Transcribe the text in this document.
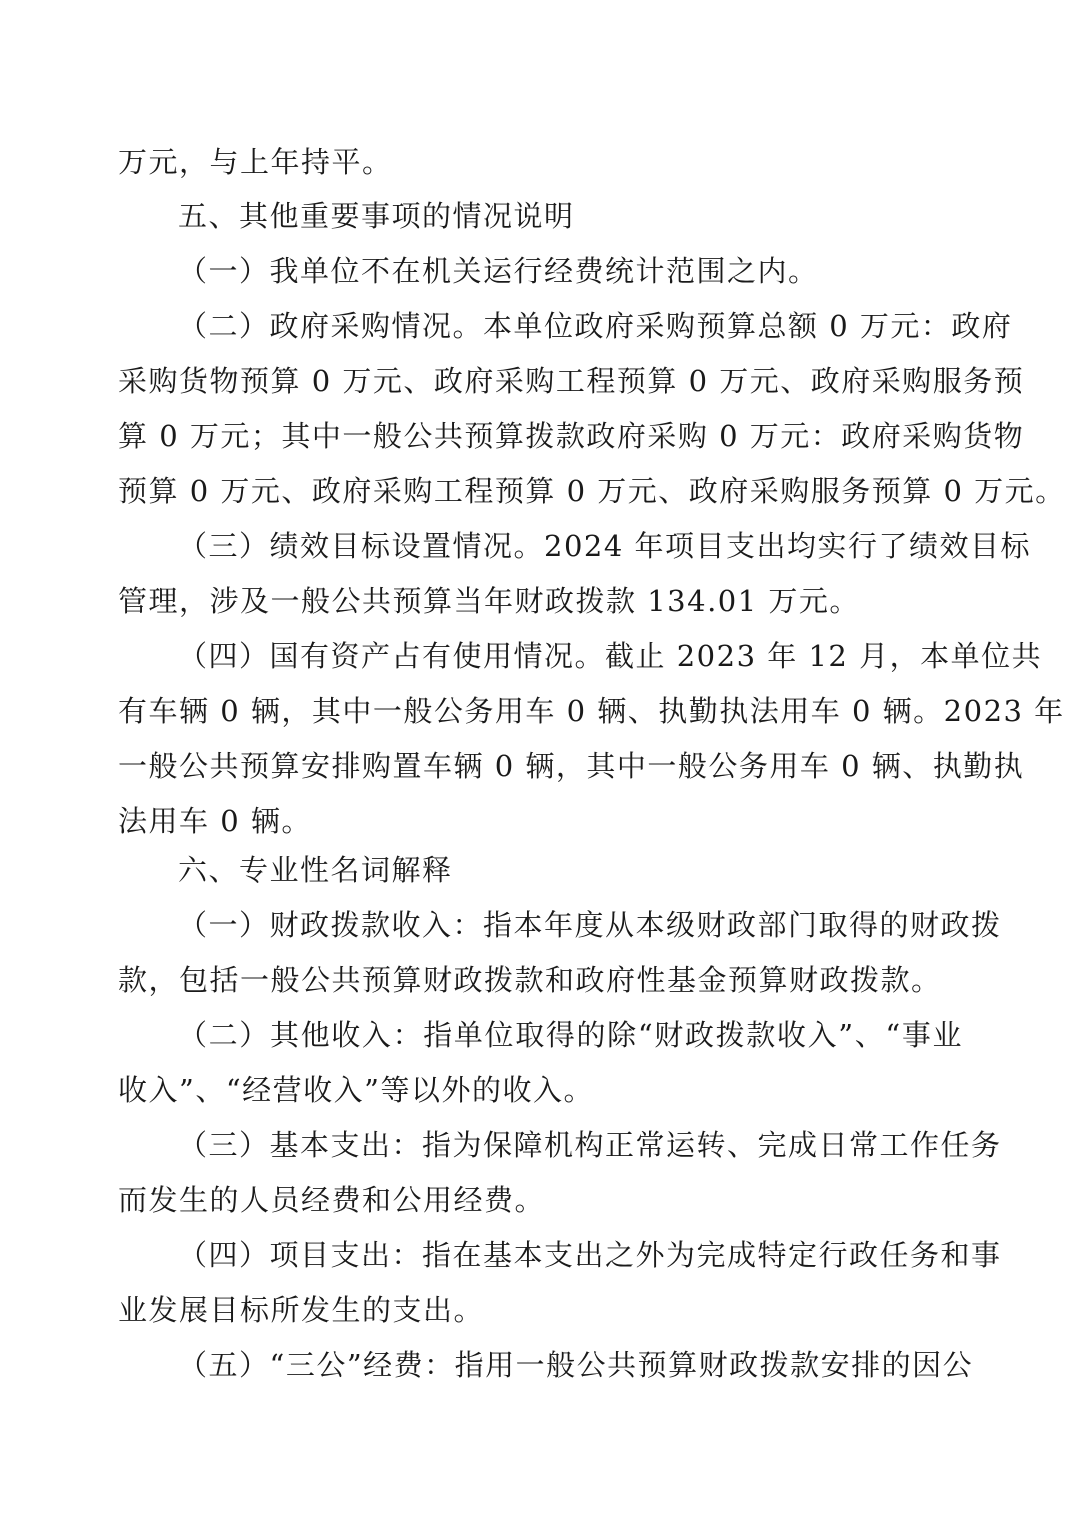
万元，与上年持平。
五、其他重要事项的情况说明
（一）我单位不在机关运行经费统计范围之内。
（二）政府采购情况。本单位政府采购预算总额 0 万元：政府
采购货物预算 0 万元、政府采购工程预算 0 万元、政府采购服务预
算 0 万元；其中一般公共预算拨款政府采购 0 万元：政府采购货物
预算 0 万元、政府采购工程预算 0 万元、政府采购服务预算 0 万元。
（三）绩效目标设置情况。2024 年项目支出均实行了绩效目标
管理，涉及一般公共预算当年财政拨款 134.01 万元。
（四）国有资产占有使用情况。截止 2023 年 12 月，本单位共
有车辆 0 辆，其中一般公务用车 0 辆、执勤执法用车 0 辆。2023 年
一般公共预算安排购置车辆 0 辆，其中一般公务用车 0 辆、执勤执
法用车 0 辆。
六、专业性名词解释
（一）财政拨款收入：指本年度从本级财政部门取得的财政拨
款，包括一般公共预算财政拨款和政府性基金预算财政拨款。
（二）其他收入：指单位取得的除“财政拨款收入”、“事业
收入”、“经营收入”等以外的收入。
（三）基本支出：指为保障机构正常运转、完成日常工作任务
而发生的人员经费和公用经费。
（四）项目支出：指在基本支出之外为完成特定行政任务和事
业发展目标所发生的支出。
（五）“三公”经费：指用一般公共预算财政拨款安排的因公
